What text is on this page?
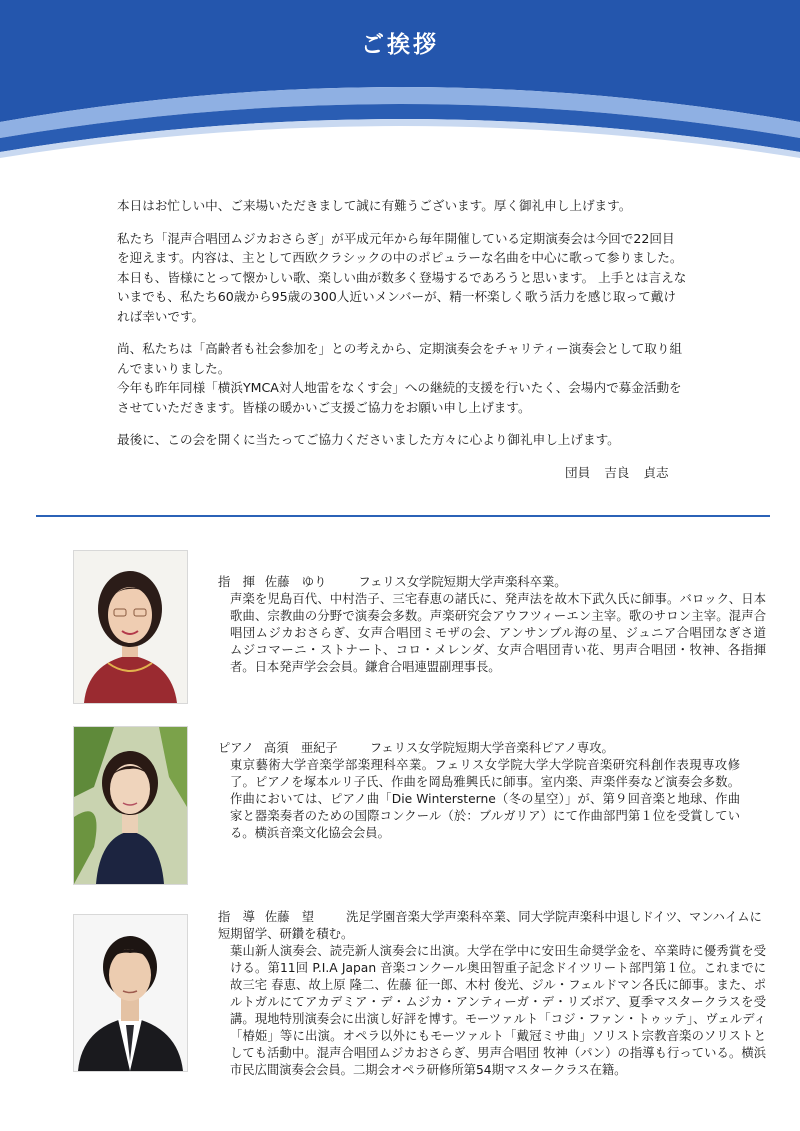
ご挨拶

本日はお忙しい中、ご来場いただきまして誠に有難うございます。厚く御礼申し上げます。

私たち「混声合唱団ムジカおさらぎ」が平成元年から毎年開催している定期演奏会は今回で22回目を迎えます。内容は、主として西欧クラシックの中のポピュラーな名曲を中心に歌って参りました。本日も、皆様にとって懐かしい歌、楽しい曲が数多く登場するであろうと思います。 上手とは言えないまでも、私たち60歳から95歳の300人近いメンバーが、精一杯楽しく歌う活力を感じ取って戴ければ幸いです。

尚、私たちは「高齢者も社会参加を」との考えから、定期演奏会をチャリティー演奏会として取り組んでまいりました。

今年も昨年同様「横浜YMCA対人地雷をなくす会」への継続的支援を行いたく、会場内で募金活動をさせていただきます。皆様の暖かいご支援ご協力をお願い申し上げます。

最後に、この会を開くに当たってご協力くださいました方々に心より御礼申し上げます。

団員 吉良 貞志
指　揮 佐藤　ゆり	フェリス女学院短期大学声楽科卒業。
声楽を児島百代、中村浩子、三宅春恵の諸氏に、発声法を故木下武久氏に師事。バロック、日本歌曲、宗教曲の分野で演奏会多数。声楽研究会アウフツィーエン主宰。歌のサロン主宰。混声合唱団ムジカおさらぎ、女声合唱団ミモザの会、アンサンブル海の星、ジュニア合唱団なぎさ道　ムジコマーニ・ストナート、コロ・メレンダ、女声合唱団青い花、男声合唱団・牧神、各指揮者。日本発声学会会員。鎌倉合唱連盟副理事長。
ピアノ 高須　亜紀子	フェリス女学院短期大学音楽科ピアノ専攻。
東京藝術大学音楽学部楽理科卒業。フェリス女学院大学大学院音楽研究科創作表現専攻修了。ピアノを塚本ルリ子氏、作曲を岡島雅興氏に師事。室内楽、声楽伴奏など演奏会多数。作曲においては、ピアノ曲「Die Wintersterne（冬の星空）」が、第９回音楽と地球、作曲家と器楽奏者のための国際コンクール（於：ブルガリア）にて作曲部門第１位を受賞している。横浜音楽文化協会会員。
指　導 佐藤　望	洗足学園音楽大学声楽科卒業、同大学院声楽科中退しドイツ、マンハイムに短期留学、研鑽を積む。
葉山新人演奏会、読売新人演奏会に出演。大学在学中に安田生命奨学金を、卒業時に優秀賞を受ける。第11回 P.I.A Japan 音楽コンクール奥田智重子記念ドイツリート部門第１位。これまでに故三宅 春恵、故上原 隆二、佐藤 征一郎、木村 俊光、ジル・フェルドマン各氏に師事。また、ポルトガルにてアカデミア・デ・ムジカ・アンティーガ・デ・リズボア、夏季マスタークラスを受講。現地特別演奏会に出演し好評を博す。モーツァルト「コジ・ファン・トゥッテ」、ヴェルディ「椿姫」等に出演。オペラ以外にもモーツァルト「戴冠ミサ曲」ソリスト宗教音楽のソリストとしても活動中。混声合唱団ムジカおさらぎ、男声合唱団 牧神（パン）の指導も行っている。横浜市民広間演奏会会員。二期会オペラ研修所第54期マスタークラス在籍。
